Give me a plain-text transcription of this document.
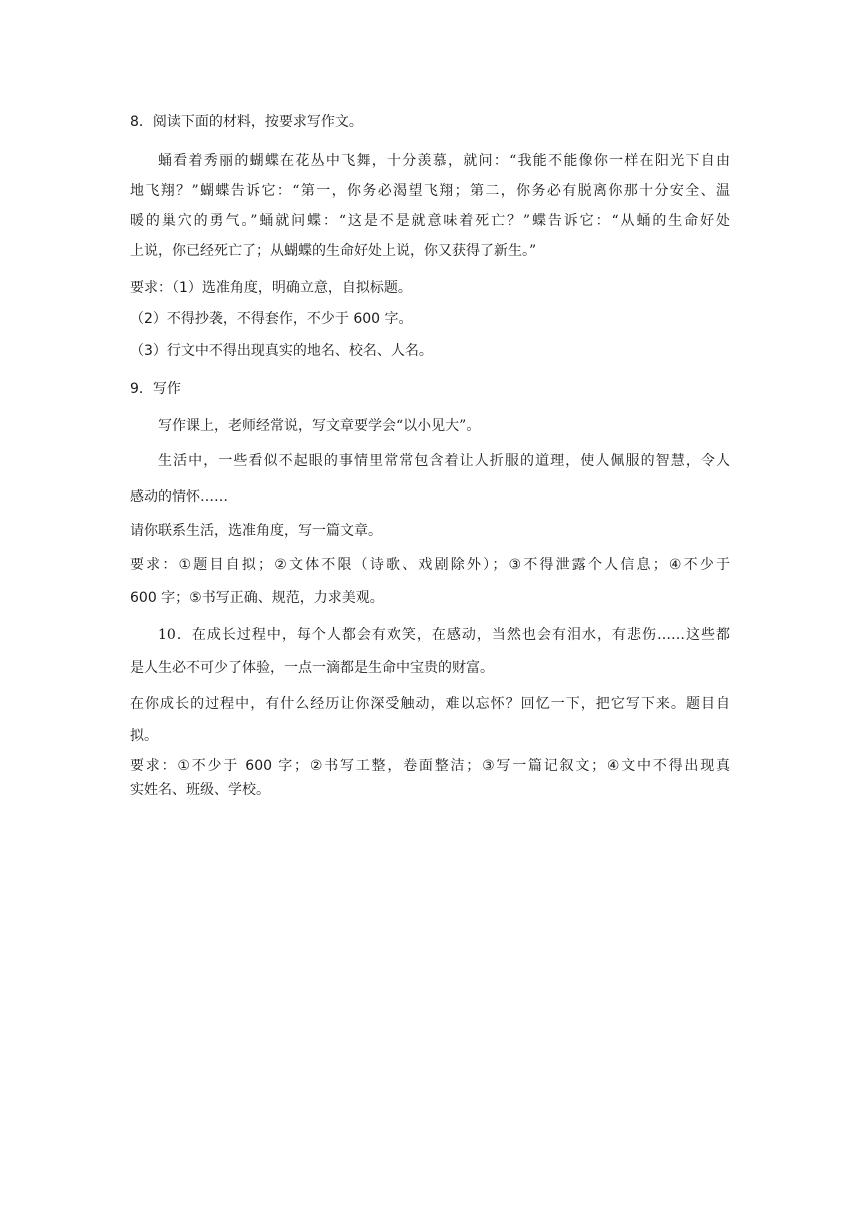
8．阅读下面的材料，按要求写作文。

蛹看着秀丽的蝴蝶在花丛中飞舞，十分羡慕，就问：“我能不能像你一样在阳光下自由

地飞翔？”蝴蝶告诉它：“第一，你务必渴望飞翔；第二，你务必有脱离你那十分安全、温

暖的巢穴的勇气。”蛹就问蝶：“这是不是就意味着死亡？”蝶告诉它：“从蛹的生命好处

上说，你已经死亡了；从蝴蝶的生命好处上说，你又获得了新生。”

要求：（1）选准角度，明确立意，自拟标题。

（2）不得抄袭，不得套作，不少于 600 字。

（3）行文中不得出现真实的地名、校名、人名。

9．写作

写作课上，老师经常说，写文章要学会“以小见大”。

生活中，一些看似不起眼的事情里常常包含着让人折服的道理，使人佩服的智慧，令人

感动的情怀……

请你联系生活，选准角度，写一篇文章。

要求：①题目自拟；②文体不限（诗歌、戏剧除外）；③不得泄露个人信息；④不少于

600 字；⑤书写正确、规范，力求美观。

10．在成长过程中，每个人都会有欢笑，在感动，当然也会有泪水，有悲伤……这些都

是人生必不可少了体验，一点一滴都是生命中宝贵的财富。

在你成长的过程中，有什么经历让你深受触动，难以忘怀？回忆一下，把它写下来。题目自

拟。

要求：①不少于 600 字；②书写工整，卷面整洁；③写一篇记叙文；④文中不得出现真

实姓名、班级、学校。
